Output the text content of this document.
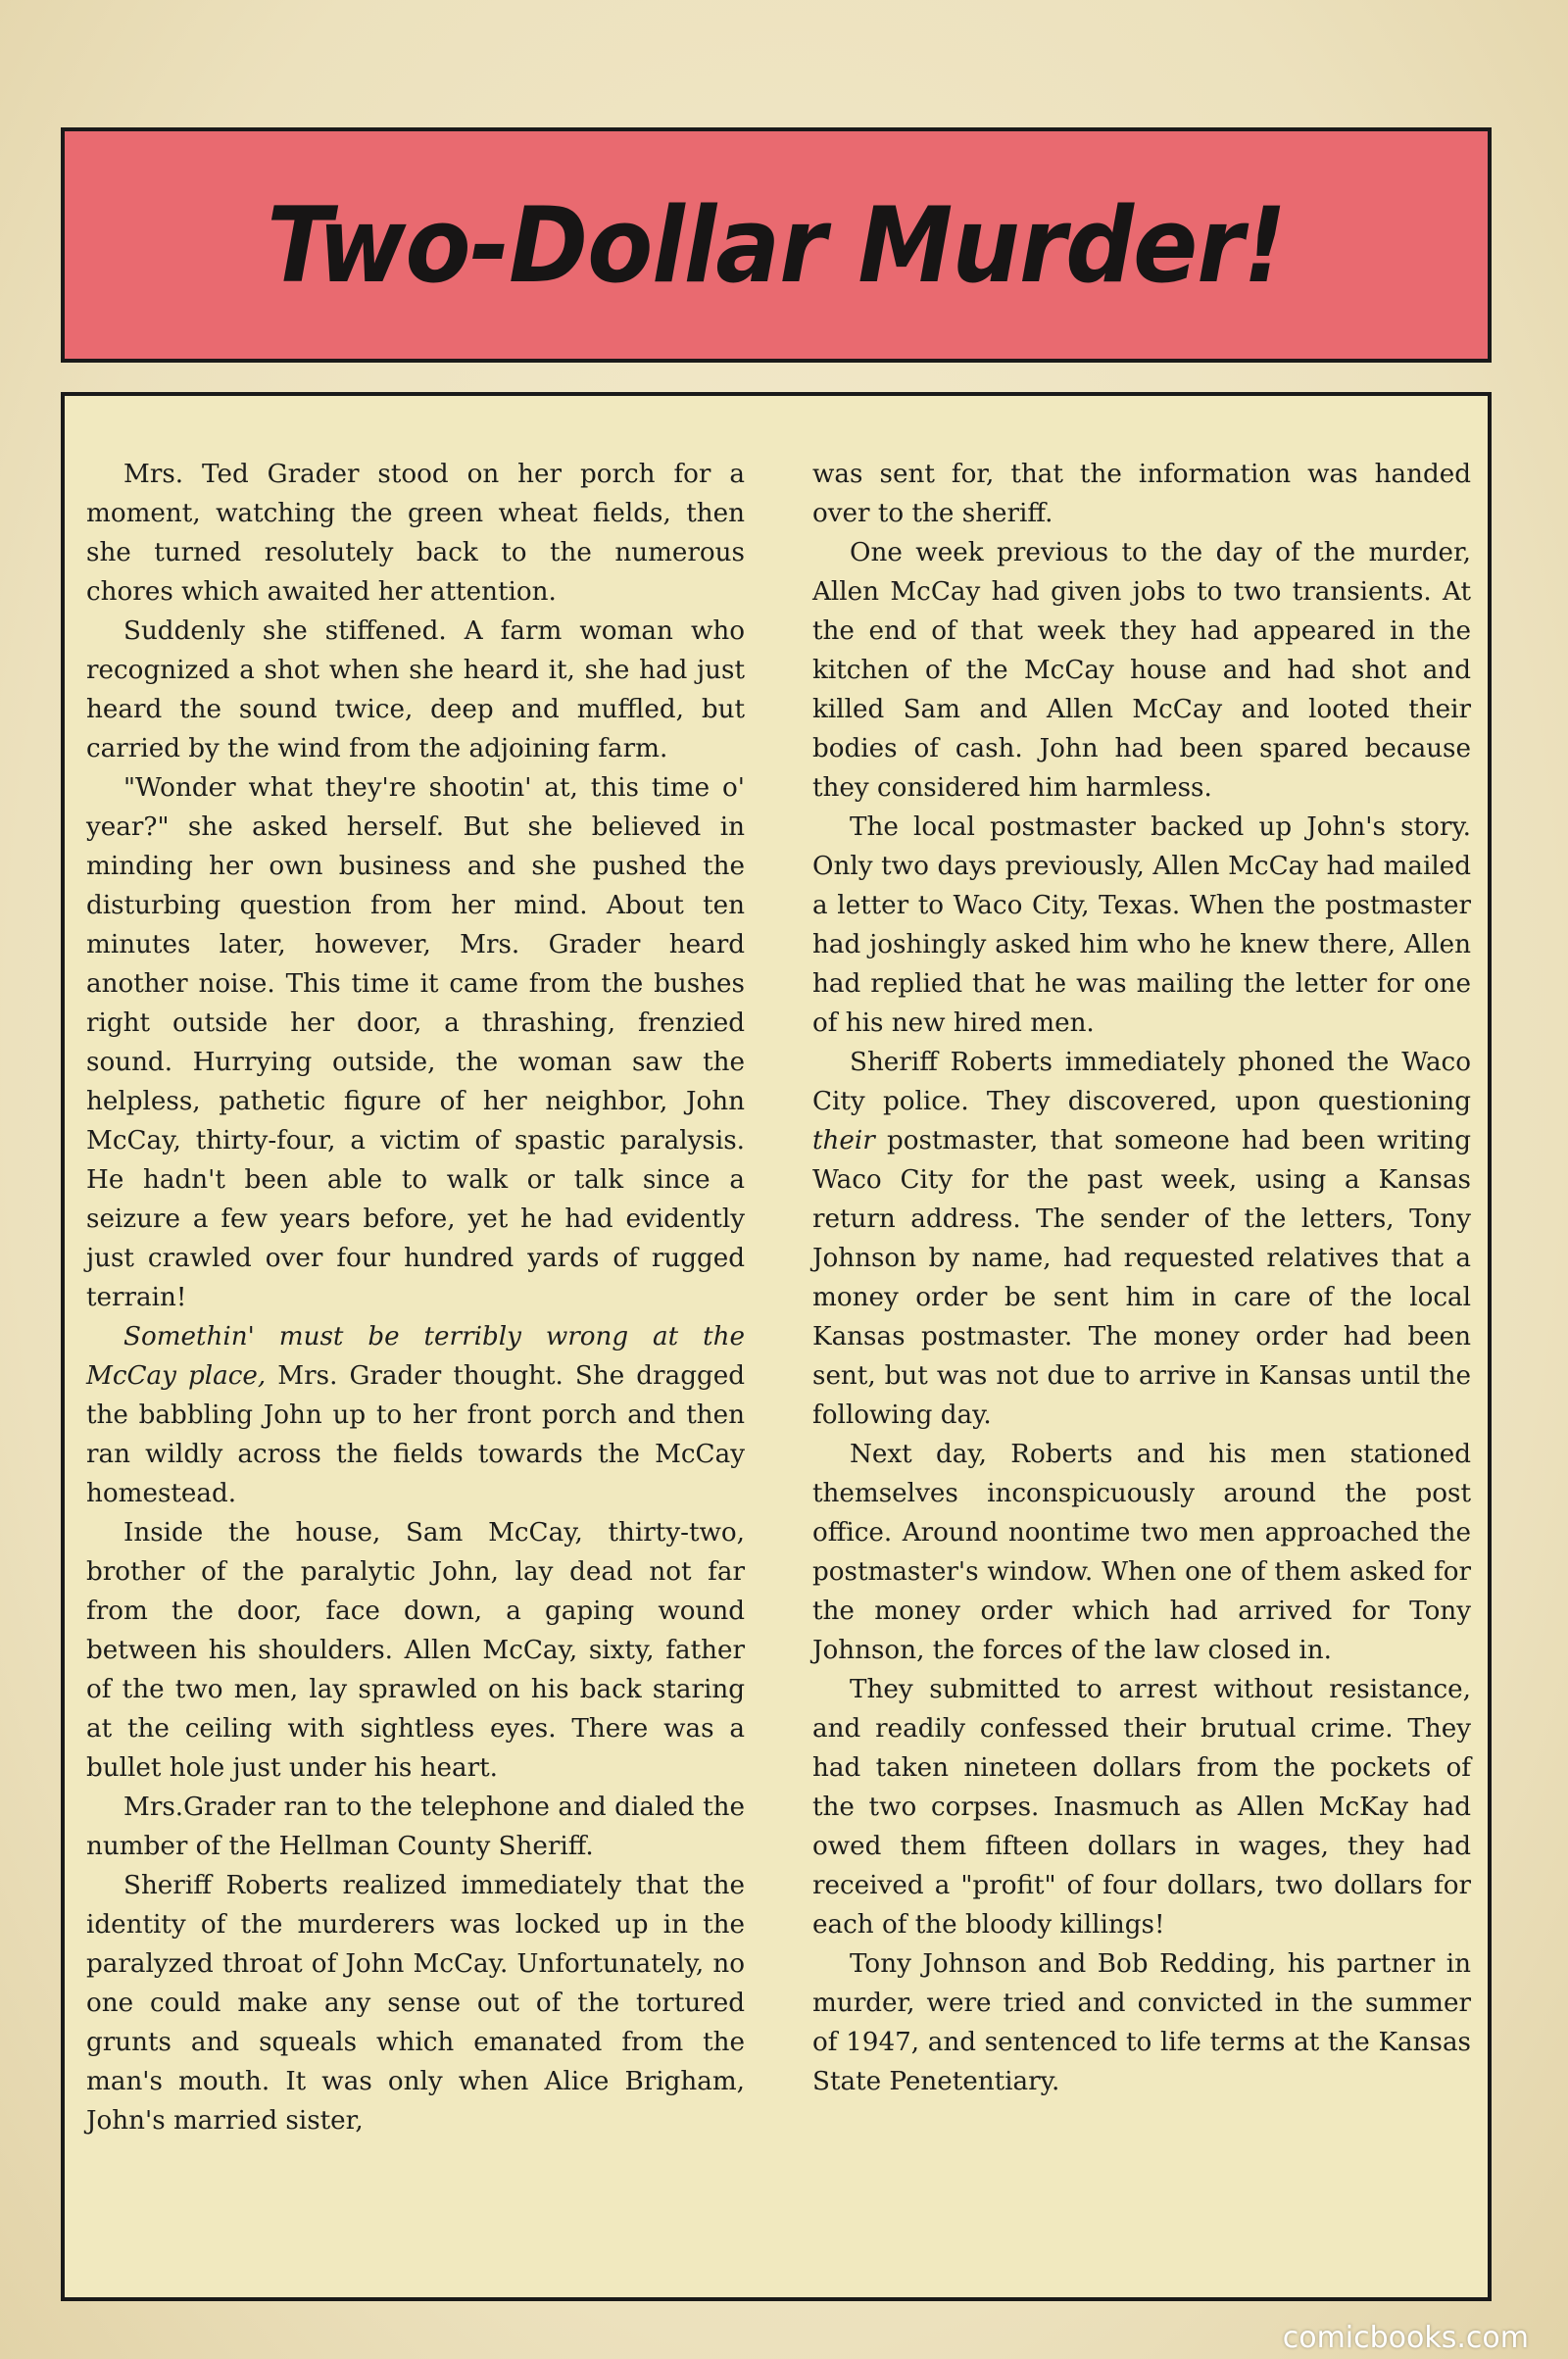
Two-Dollar Murder!

Mrs. Ted Grader stood on her porch for a moment, watching the green wheat fields, then she turned resolutely back to the numerous chores which awaited her attention.

Suddenly she stiffened. A farm woman who recognized a shot when she heard it, she had just heard the sound twice, deep and muffled, but carried by the wind from the adjoining farm.

"Wonder what they're shootin' at, this time o' year?" she asked herself. But she believed in minding her own business and she pushed the disturbing question from her mind. About ten minutes later, however, Mrs. Grader heard another noise. This time it came from the bushes right outside her door, a thrashing, frenzied sound. Hurrying outside, the woman saw the helpless, pathetic figure of her neighbor, John McCay, thirty-four, a victim of spastic paralysis. He hadn't been able to walk or talk since a seizure a few years before, yet he had evidently just crawled over four hundred yards of rugged terrain!

Somethin' must be terribly wrong at the McCay place, Mrs. Grader thought. She dragged the babbling John up to her front porch and then ran wildly across the fields towards the McCay homestead.

Inside the house, Sam McCay, thirty-two, brother of the paralytic John, lay dead not far from the door, face down, a gaping wound between his shoulders. Allen McCay, sixty, father of the two men, lay sprawled on his back staring at the ceiling with sightless eyes. There was a bullet hole just under his heart.

Mrs.Grader ran to the telephone and dialed the number of the Hellman County Sheriff.

Sheriff Roberts realized immediately that the identity of the murderers was locked up in the paralyzed throat of John McCay. Unfortunately, no one could make any sense out of the tortured grunts and squeals which emanated from the man's mouth. It was only when Alice Brigham, John's married sister,

was sent for, that the information was handed over to the sheriff.

One week previous to the day of the murder, Allen McCay had given jobs to two transients. At the end of that week they had appeared in the kitchen of the McCay house and had shot and killed Sam and Allen McCay and looted their bodies of cash. John had been spared because they considered him harmless.

The local postmaster backed up John's story. Only two days previously, Allen McCay had mailed a letter to Waco City, Texas. When the postmaster had joshingly asked him who he knew there, Allen had replied that he was mailing the letter for one of his new hired men.

Sheriff Roberts immediately phoned the Waco City police. They discovered, upon questioning their postmaster, that someone had been writing Waco City for the past week, using a Kansas return address. The sender of the letters, Tony Johnson by name, had requested relatives that a money order be sent him in care of the local Kansas postmaster. The money order had been sent, but was not due to arrive in Kansas until the following day.

Next day, Roberts and his men stationed themselves inconspicuously around the post office. Around noontime two men approached the postmaster's window. When one of them asked for the money order which had arrived for Tony Johnson, the forces of the law closed in.

They submitted to arrest without resistance, and readily confessed their brutual crime. They had taken nineteen dollars from the pockets of the two corpses. Inasmuch as Allen McKay had owed them fifteen dollars in wages, they had received a "profit" of four dollars, two dollars for each of the bloody killings!

Tony Johnson and Bob Redding, his partner in murder, were tried and convicted in the summer of 1947, and sentenced to life terms at the Kansas State Penetentiary.

comicbooks.com
